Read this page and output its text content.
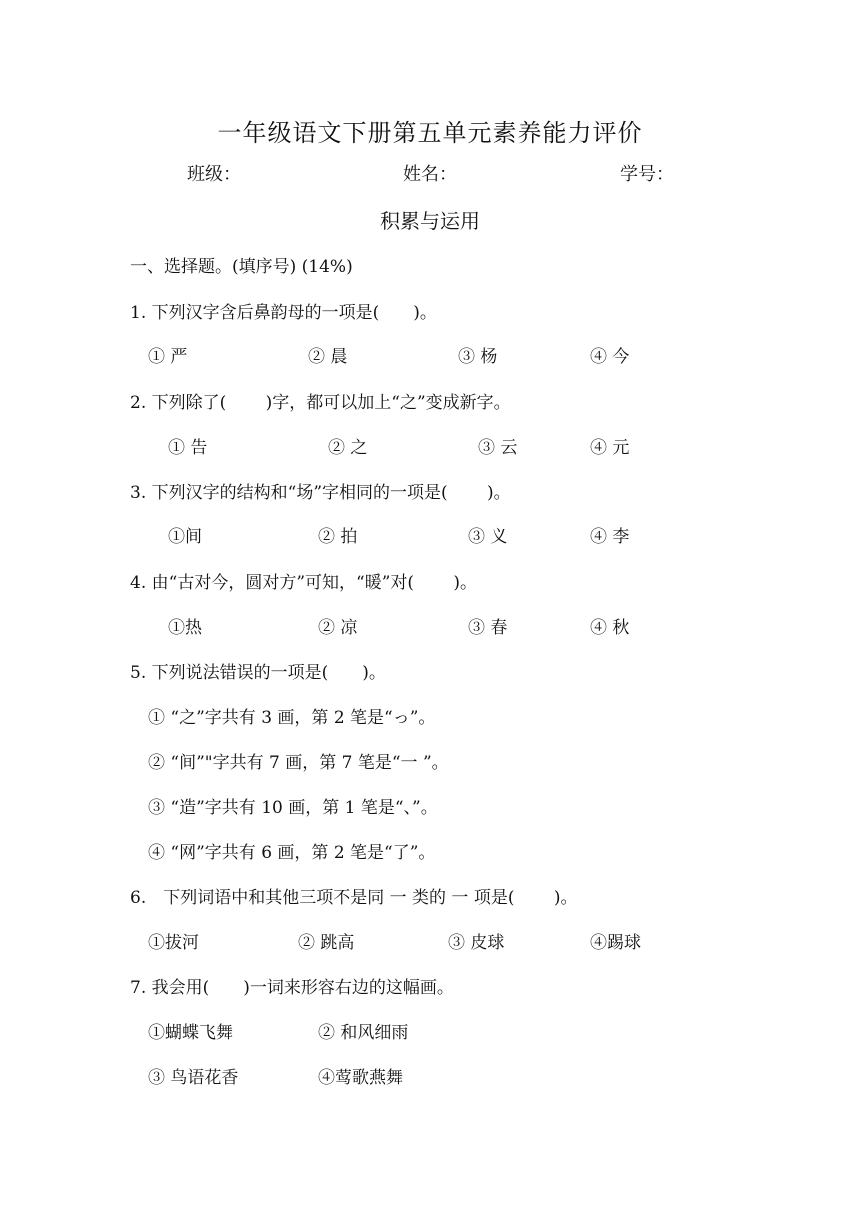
一年级语文下册第五单元素养能力评价
班级：	姓名：	学号：
积累与运用
一、选择题。(填序号) (14%)
1. 下列汉字含后鼻韵母的一项是(　　)。
① 严	② 晨	③ 杨	④ 今
2. 下列除了(　　 )字，都可以加上“之”变成新字。
① 告	② 之	③ 云	④ 元
3. 下列汉字的结构和“场”字相同的一项是(　　 )。
①间	② 拍	③ 义	④ 李
4. 由“古对今，圆对方”可知，“暖”对(　　 )。
①热	② 凉	③ 春	④ 秋
5. 下列说法错误的一项是(　　)。
① “之”字共有 3 画，第 2 笔是“っ”。
② “间”"字共有 7 画，第 7 笔是“一 ”。
③ “造”字共有 10 画，第 1 笔是“、”。
④ “网”字共有 6 画，第 2 笔是“了”。
6.　下列词语中和其他三项不是同 一 类的 一 项是(　　 )。
①拔河	② 跳高	③ 皮球	④踢球
7. 我会用(　　)一词来形容右边的这幅画。
①蝴蝶飞舞	② 和风细雨
③ 鸟语花香	④莺歌燕舞
